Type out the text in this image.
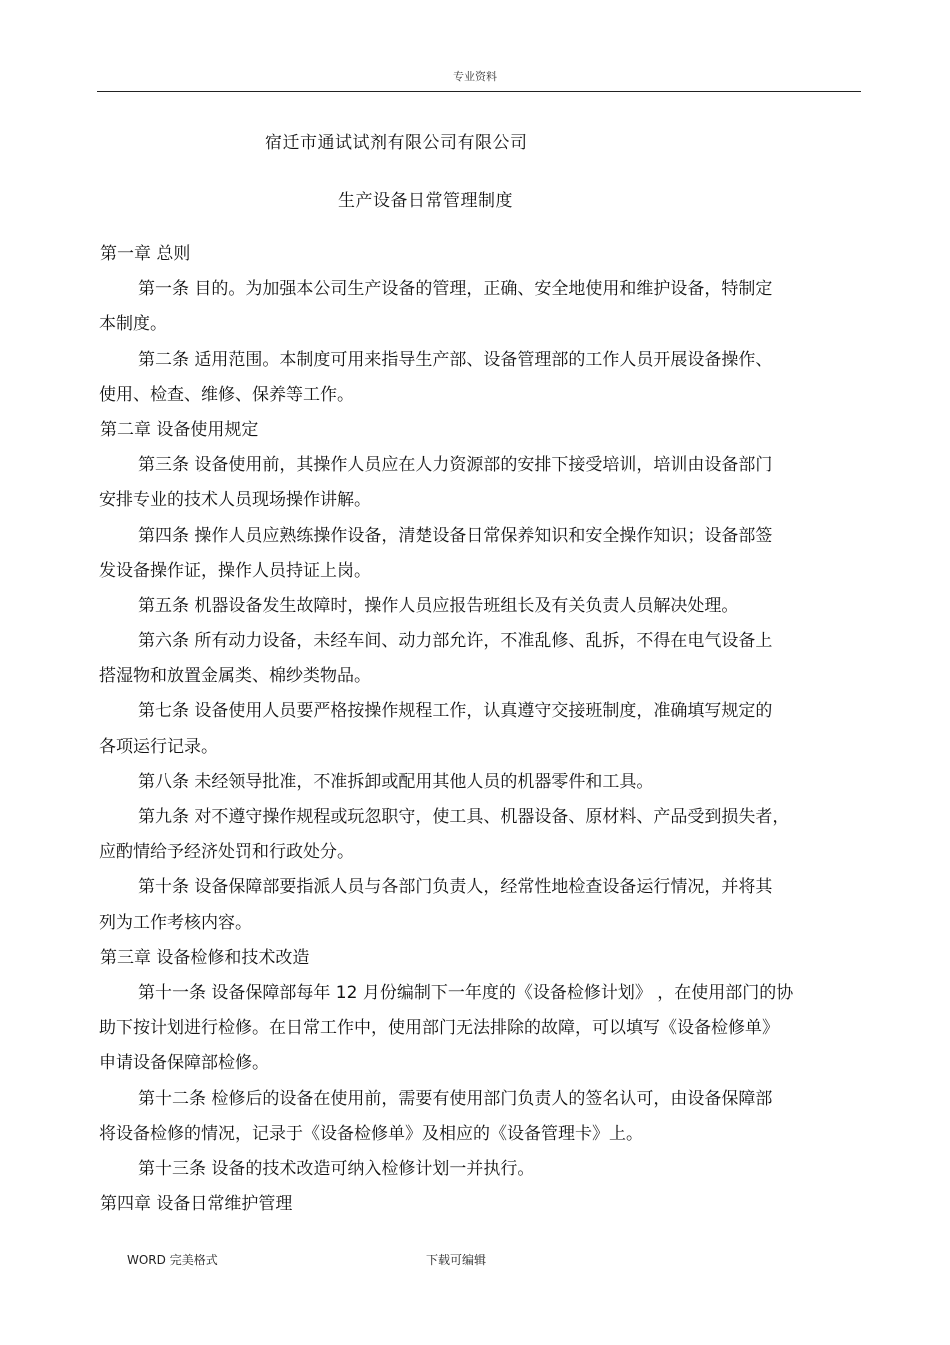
专业资料
宿迁市通试试剂有限公司有限公司
生产设备日常管理制度
第一章 总则
第一条 目的。为加强本公司生产设备的管理，正确、安全地使用和维护设备，特制定
本制度。
第二条 适用范围。本制度可用来指导生产部、设备管理部的工作人员开展设备操作、
使用、检查、维修、保养等工作。
第二章 设备使用规定
第三条 设备使用前，其操作人员应在人力资源部的安排下接受培训，培训由设备部门
安排专业的技术人员现场操作讲解。
第四条 操作人员应熟练操作设备，清楚设备日常保养知识和安全操作知识；设备部签
发设备操作证，操作人员持证上岗。
第五条 机器设备发生故障时，操作人员应报告班组长及有关负责人员解决处理。
第六条 所有动力设备，未经车间、动力部允许，不准乱修、乱拆，不得在电气设备上
搭湿物和放置金属类、棉纱类物品。
第七条 设备使用人员要严格按操作规程工作，认真遵守交接班制度，准确填写规定的
各项运行记录。
第八条 未经领导批准，不准拆卸或配用其他人员的机器零件和工具。
第九条 对不遵守操作规程或玩忽职守，使工具、机器设备、原材料、产品受到损失者，
应酌情给予经济处罚和行政处分。
第十条 设备保障部要指派人员与各部门负责人，经常性地检查设备运行情况，并将其
列为工作考核内容。
第三章 设备检修和技术改造
第十一条 设备保障部每年 12 月份编制下一年度的《设备检修计划》 ，在使用部门的协
助下按计划进行检修。在日常工作中，使用部门无法排除的故障，可以填写《设备检修单》
申请设备保障部检修。
第十二条 检修后的设备在使用前，需要有使用部门负责人的签名认可，由设备保障部
将设备检修的情况，记录于《设备检修单》及相应的《设备管理卡》上。
第十三条 设备的技术改造可纳入检修计划一并执行。
第四章 设备日常维护管理
WORD 完美格式	下载可编辑
